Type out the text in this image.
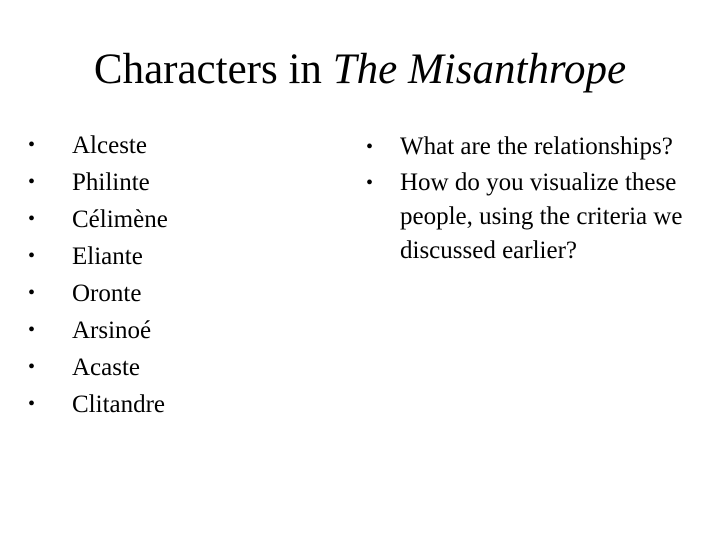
Characters in The Misanthrope
• Alceste
• Philinte
• Célimène
• Eliante
• Oronte
• Arsinoé
• Acaste
• Clitandre
• What are the relationships?
• How do you visualize these people, using the criteria we discussed earlier?
